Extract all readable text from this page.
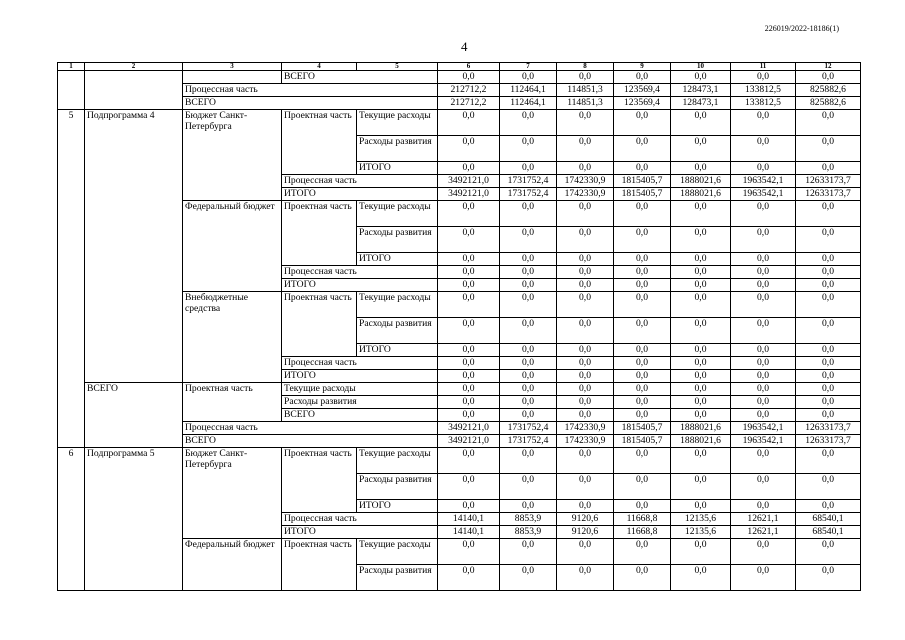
226019/2022-18186(1)
4
1	2	3	4	5	6	7	8	9	10	11	12
			ВСЕГО		0,0	0,0	0,0	0,0	0,0	0,0	0,0
		Процессная часть			212712,2	112464,1	114851,3	123569,4	128473,1	133812,5	825882,6
		ВСЕГО			212712,2	112464,1	114851,3	123569,4	128473,1	133812,5	825882,6
5	Подпрограмма 4	Бюджет Санкт-Петербурга	Проектная часть	Текущие расходы	0,0	0,0	0,0	0,0	0,0	0,0	0,0
				Расходы развития	0,0	0,0	0,0	0,0	0,0	0,0	0,0
				ИТОГО	0,0	0,0	0,0	0,0	0,0	0,0	0,0
			Процессная часть		3492121,0	1731752,4	1742330,9	1815405,7	1888021,6	1963542,1	12633173,7
			ИТОГО		3492121,0	1731752,4	1742330,9	1815405,7	1888021,6	1963542,1	12633173,7
		Федеральный бюджет	Проектная часть	Текущие расходы	0,0	0,0	0,0	0,0	0,0	0,0	0,0
				Расходы развития	0,0	0,0	0,0	0,0	0,0	0,0	0,0
				ИТОГО	0,0	0,0	0,0	0,0	0,0	0,0	0,0
			Процессная часть		0,0	0,0	0,0	0,0	0,0	0,0	0,0
			ИТОГО		0,0	0,0	0,0	0,0	0,0	0,0	0,0
		Внебюджетные средства	Проектная часть	Текущие расходы	0,0	0,0	0,0	0,0	0,0	0,0	0,0
				Расходы развития	0,0	0,0	0,0	0,0	0,0	0,0	0,0
				ИТОГО	0,0	0,0	0,0	0,0	0,0	0,0	0,0
			Процессная часть		0,0	0,0	0,0	0,0	0,0	0,0	0,0
			ИТОГО		0,0	0,0	0,0	0,0	0,0	0,0	0,0
	ВСЕГО	Проектная часть	Текущие расходы		0,0	0,0	0,0	0,0	0,0	0,0	0,0
			Расходы развития		0,0	0,0	0,0	0,0	0,0	0,0	0,0
			ВСЕГО		0,0	0,0	0,0	0,0	0,0	0,0	0,0
		Процессная часть			3492121,0	1731752,4	1742330,9	1815405,7	1888021,6	1963542,1	12633173,7
		ВСЕГО			3492121,0	1731752,4	1742330,9	1815405,7	1888021,6	1963542,1	12633173,7
6	Подпрограмма 5	Бюджет Санкт-Петербурга	Проектная часть	Текущие расходы	0,0	0,0	0,0	0,0	0,0	0,0	0,0
				Расходы развития	0,0	0,0	0,0	0,0	0,0	0,0	0,0
				ИТОГО	0,0	0,0	0,0	0,0	0,0	0,0	0,0
			Процессная часть		14140,1	8853,9	9120,6	11668,8	12135,6	12621,1	68540,1
			ИТОГО		14140,1	8853,9	9120,6	11668,8	12135,6	12621,1	68540,1
		Федеральный бюджет	Проектная часть	Текущие расходы	0,0	0,0	0,0	0,0	0,0	0,0	0,0
				Расходы развития	0,0	0,0	0,0	0,0	0,0	0,0	0,0
